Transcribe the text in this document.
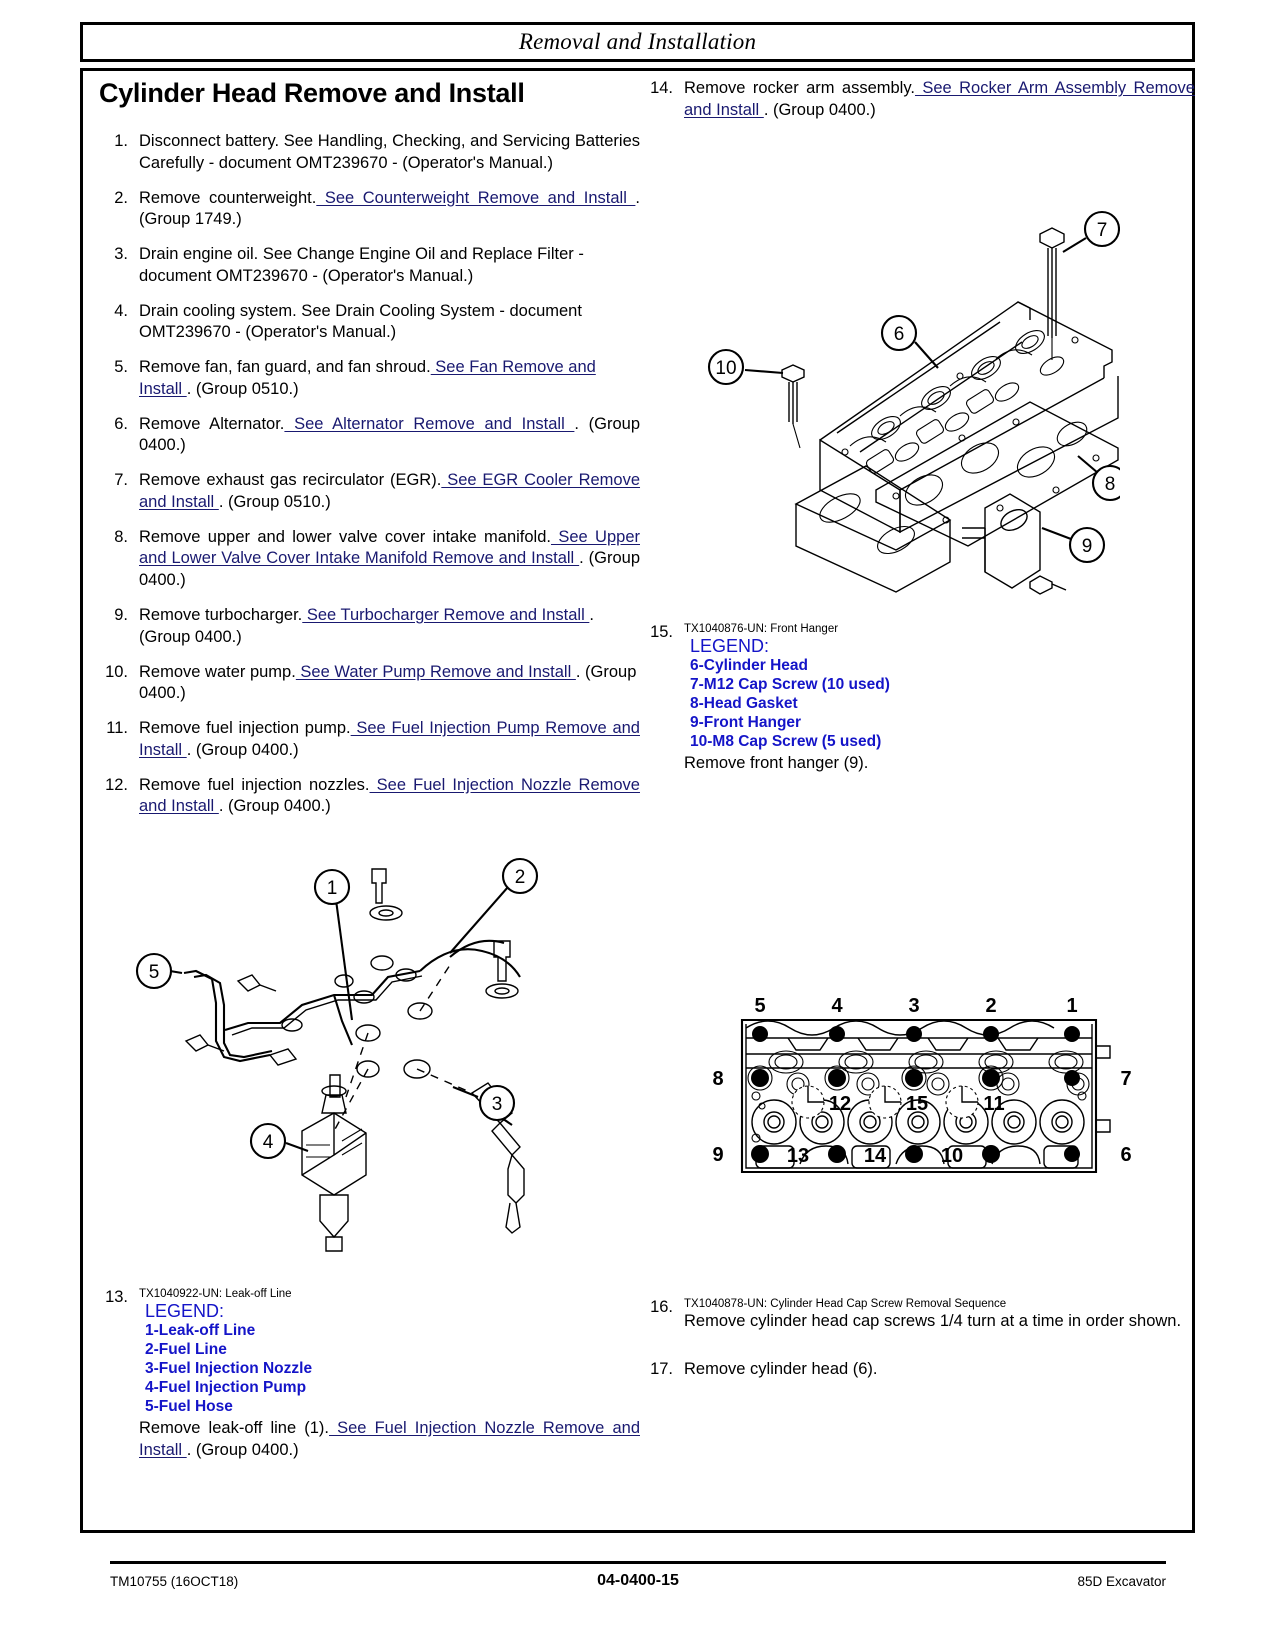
Removal and Installation
Cylinder Head Remove and Install
1. Disconnect battery. See Handling, Checking, and Servicing Batteries Carefully - document OMT239670 - (Operator's Manual.)
2. Remove counterweight. See Counterweight Remove and Install . (Group 1749.)
3. Drain engine oil. See Change Engine Oil and Replace Filter - document OMT239670 - (Operator's Manual.)
4. Drain cooling system. See Drain Cooling System - document OMT239670 - (Operator's Manual.)
5. Remove fan, fan guard, and fan shroud. See Fan Remove and Install . (Group 0510.)
6. Remove Alternator. See Alternator Remove and Install . (Group 0400.)
7. Remove exhaust gas recirculator (EGR). See EGR Cooler Remove and Install . (Group 0510.)
8. Remove upper and lower valve cover intake manifold. See Upper and Lower Valve Cover Intake Manifold Remove and Install . (Group 0400.)
9. Remove turbocharger. See Turbocharger Remove and Install . (Group 0400.)
10. Remove water pump. See Water Pump Remove and Install . (Group 0400.)
11. Remove fuel injection pump. See Fuel Injection Pump Remove and Install . (Group 0400.)
12. Remove fuel injection nozzles. See Fuel Injection Nozzle Remove and Install . (Group 0400.)
14. Remove rocker arm assembly. See Rocker Arm Assembly Remove and Install . (Group 0400.)
6
7
8
9
10
15. TX1040876-UN: Front Hanger
LEGEND:
6-Cylinder Head
7-M12 Cap Screw (10 used)
8-Head Gasket
9-Front Hanger
10-M8 Cap Screw (5 used)
Remove front hanger (9).
1
2
3
4
5
5	4	3	2	1
8
9
7
6
12	15	11
13	14	10
13. TX1040922-UN: Leak-off Line
LEGEND:
1-Leak-off Line
2-Fuel Line
3-Fuel Injection Nozzle
4-Fuel Injection Pump
5-Fuel Hose
Remove leak-off line (1). See Fuel Injection Nozzle Remove and Install . (Group 0400.)
16. TX1040878-UN: Cylinder Head Cap Screw Removal Sequence
Remove cylinder head cap screws 1/4 turn at a time in order shown.
17. Remove cylinder head (6).
TM10755 (16OCT18)	04-0400-15	85D Excavator
